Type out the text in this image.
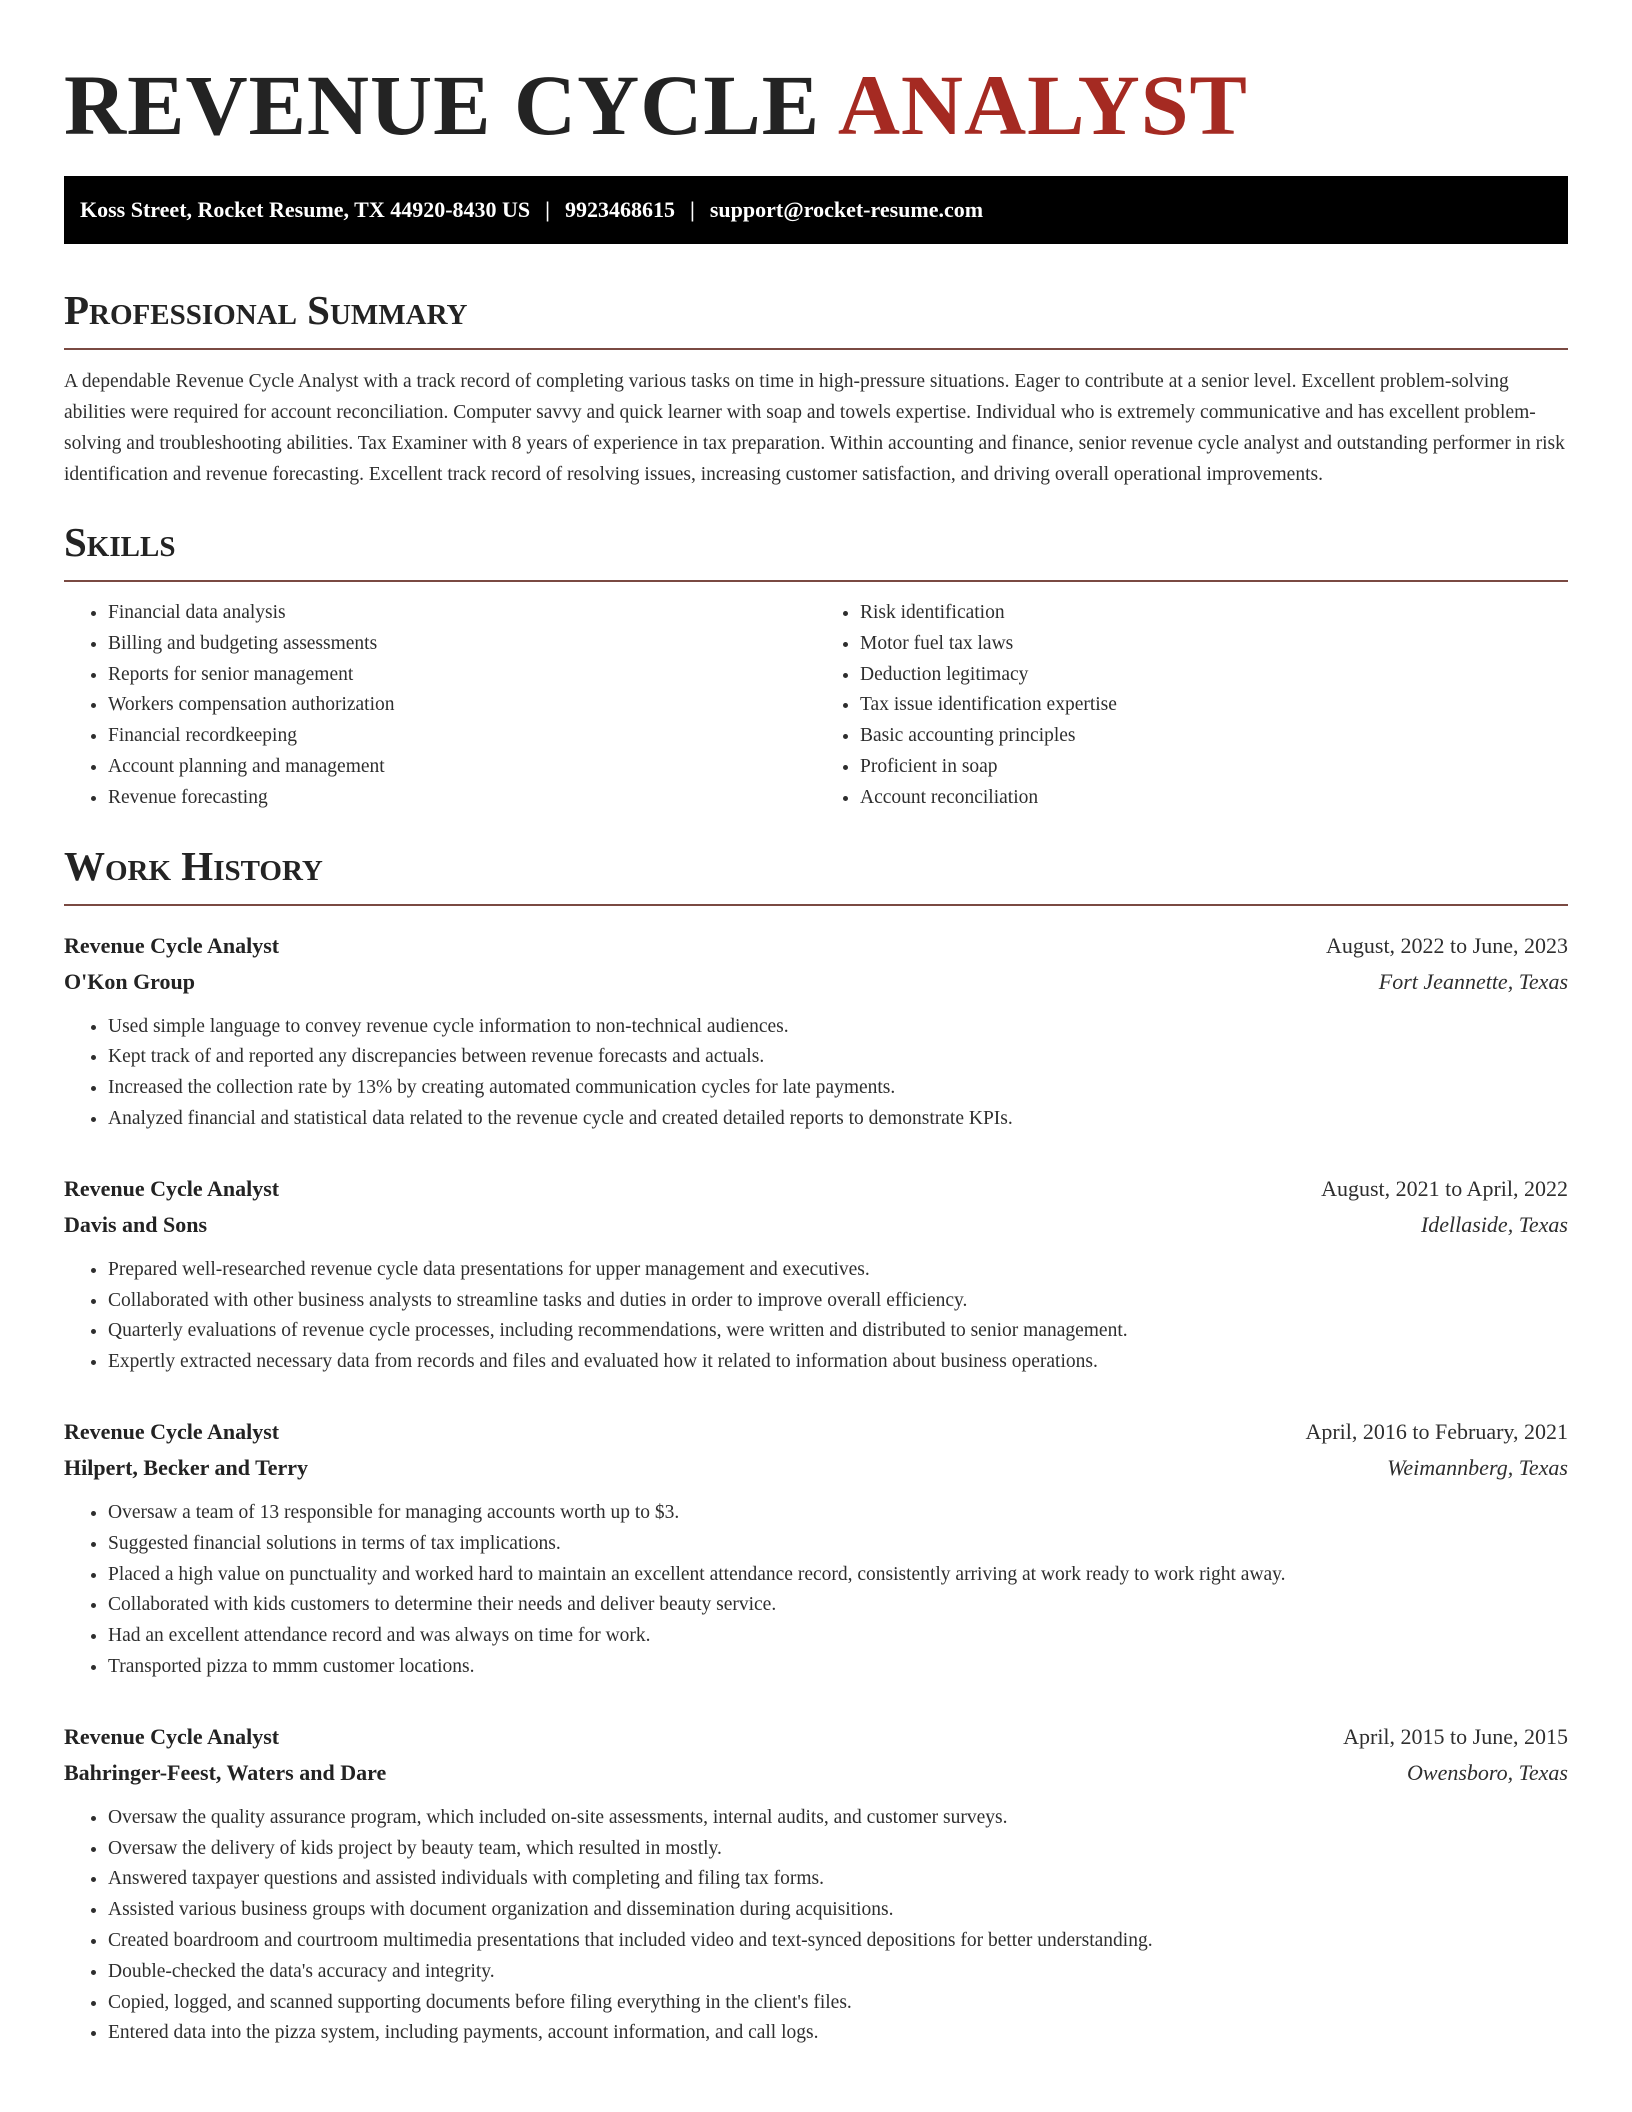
REVENUE CYCLE ANALYST
Koss Street, Rocket Resume, TX 44920-8430 US | 9923468615 | support@rocket-resume.com
Professional Summary

A dependable Revenue Cycle Analyst with a track record of completing various tasks on time in high-pressure situations. Eager to contribute at a senior level. Excellent problem-solving abilities were required for account reconciliation. Computer savvy and quick learner with soap and towels expertise. Individual who is extremely communicative and has excellent problem-solving and troubleshooting abilities. Tax Examiner with 8 years of experience in tax preparation. Within accounting and finance, senior revenue cycle analyst and outstanding performer in risk identification and revenue forecasting. Excellent track record of resolving issues, increasing customer satisfaction, and driving overall operational improvements.

Skills
• Financial data analysis
• Billing and budgeting assessments
• Reports for senior management
• Workers compensation authorization
• Financial recordkeeping
• Account planning and management
• Revenue forecasting
• Risk identification
• Motor fuel tax laws
• Deduction legitimacy
• Tax issue identification expertise
• Basic accounting principles
• Proficient in soap
• Account reconciliation
Work History
Revenue Cycle Analyst	August, 2022 to June, 2023
O'Kon Group	Fort Jeannette, Texas
• Used simple language to convey revenue cycle information to non-technical audiences.
• Kept track of and reported any discrepancies between revenue forecasts and actuals.
• Increased the collection rate by 13% by creating automated communication cycles for late payments.
• Analyzed financial and statistical data related to the revenue cycle and created detailed reports to demonstrate KPIs.
Revenue Cycle Analyst	August, 2021 to April, 2022
Davis and Sons	Idellaside, Texas
• Prepared well-researched revenue cycle data presentations for upper management and executives.
• Collaborated with other business analysts to streamline tasks and duties in order to improve overall efficiency.
• Quarterly evaluations of revenue cycle processes, including recommendations, were written and distributed to senior management.
• Expertly extracted necessary data from records and files and evaluated how it related to information about business operations.
Revenue Cycle Analyst	April, 2016 to February, 2021
Hilpert, Becker and Terry	Weimannberg, Texas
• Oversaw a team of 13 responsible for managing accounts worth up to $3.
• Suggested financial solutions in terms of tax implications.
• Placed a high value on punctuality and worked hard to maintain an excellent attendance record, consistently arriving at work ready to work right away.
• Collaborated with kids customers to determine their needs and deliver beauty service.
• Had an excellent attendance record and was always on time for work.
• Transported pizza to mmm customer locations.
Revenue Cycle Analyst	April, 2015 to June, 2015
Bahringer-Feest, Waters and Dare	Owensboro, Texas
• Oversaw the quality assurance program, which included on-site assessments, internal audits, and customer surveys.
• Oversaw the delivery of kids project by beauty team, which resulted in mostly.
• Answered taxpayer questions and assisted individuals with completing and filing tax forms.
• Assisted various business groups with document organization and dissemination during acquisitions.
• Created boardroom and courtroom multimedia presentations that included video and text-synced depositions for better understanding.
• Double-checked the data's accuracy and integrity.
• Copied, logged, and scanned supporting documents before filing everything in the client's files.
• Entered data into the pizza system, including payments, account information, and call logs.
